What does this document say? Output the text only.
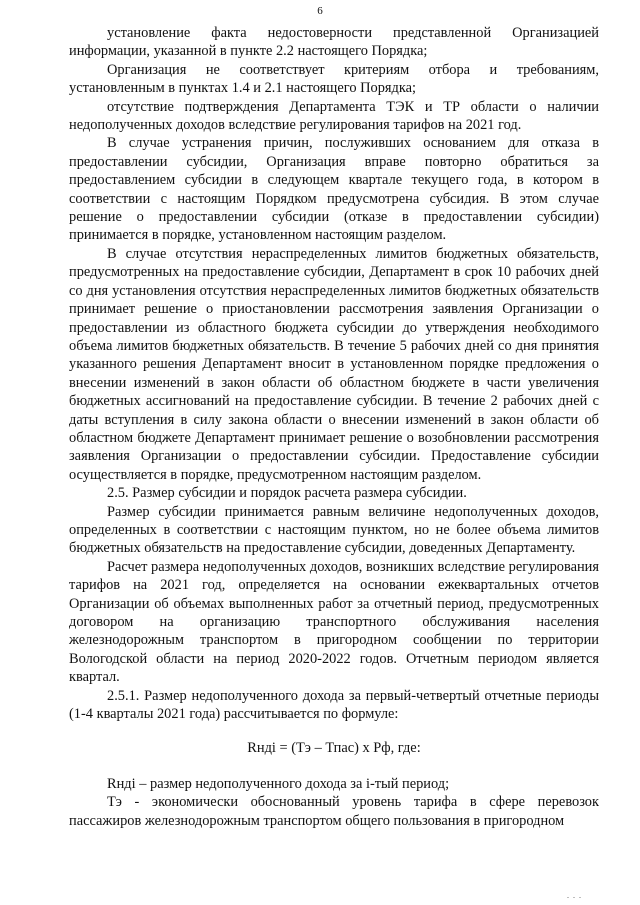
6

установление факта недостоверности представленной Организацией информации, указанной в пункте 2.2 настоящего Порядка;

Организация не соответствует критериям отбора и требованиям, установленным в пунктах 1.4 и 2.1 настоящего Порядка;

отсутствие подтверждения Департамента ТЭК и ТР области о наличии недополученных доходов вследствие регулирования тарифов на 2021 год.

В случае устранения причин, послуживших основанием для отказа в предоставлении субсидии, Организация вправе повторно обратиться за предоставлением субсидии в следующем квартале текущего года, в котором в соответствии с настоящим Порядком предусмотрена субсидия. В этом случае решение о предоставлении субсидии (отказе в предоставлении субсидии) принимается в порядке, установленном настоящим разделом.

В случае отсутствия нераспределенных лимитов бюджетных обязательств, предусмотренных на предоставление субсидии, Департамент в срок 10 рабочих дней со дня установления отсутствия нераспределенных лимитов бюджетных обязательств принимает решение о приостановлении рассмотрения заявления Организации о предоставлении из областного бюджета субсидии до утверждения необходимого объема лимитов бюджетных обязательств. В течение 5 рабочих дней со дня принятия указанного решения Департамент вносит в установленном порядке предложения о внесении изменений в закон области об областном бюджете в части увеличения бюджетных ассигнований на предоставление субсидии. В течение 2 рабочих дней с даты вступления в силу закона области о внесении изменений в закон области об областном бюджете Департамент принимает решение о возобновлении рассмотрения заявления Организации о предоставлении субсидии. Предоставление субсидии осуществляется в порядке, предусмотренном настоящим разделом.

2.5. Размер субсидии и порядок расчета размера субсидии.

Размер субсидии принимается равным величине недополученных доходов, определенных в соответствии с настоящим пунктом, но не более объема лимитов бюджетных обязательств на предоставление субсидии, доведенных Департаменту.

Расчет размера недополученных доходов, возникших вследствие регулирования тарифов на 2021 год, определяется на основании ежеквартальных отчетов Организации об объемах выполненных работ за отчетный период, предусмотренных договором на организацию транспортного обслуживания населения железнодорожным транспортом в пригородном сообщении по территории Вологодской области на период 2020-2022 годов. Отчетным периодом является квартал.

2.5.1. Размер недополученного дохода за первый-четвертый отчетные периоды (1-4 кварталы 2021 года) рассчитывается по формуле:

Rндi = (Тэ – Тпас) х Рф, где:

Rндi – размер недополученного дохода за i-тый период;

Тэ - экономически обоснованный уровень тарифа в сфере перевозок пассажиров железнодорожным транспортом общего пользования в пригородном

. . .
